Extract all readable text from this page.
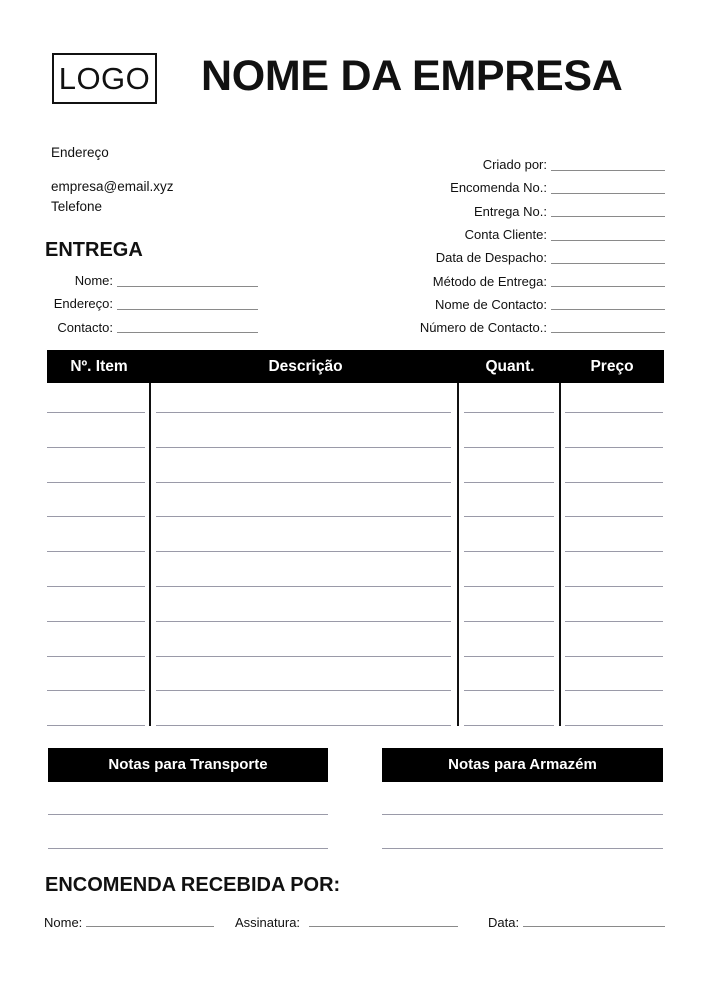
LOGO NOME DA EMPRESA
Endereço
empresa@email.xyz
Telefone
ENTREGA
Nome:
Endereço:
Contacto:
Criado por:
Encomenda No.:
Entrega No.:
Conta Cliente:
Data de Despacho:
Método de Entrega:
Nome de Contacto:
Número de Contacto.:
Nº. Item	Descrição	Quant.	Preço
Notas para Transporte	Notas para Armazém
ENCOMENDA RECEBIDA POR:
Nome:	Assinatura:	Data:
